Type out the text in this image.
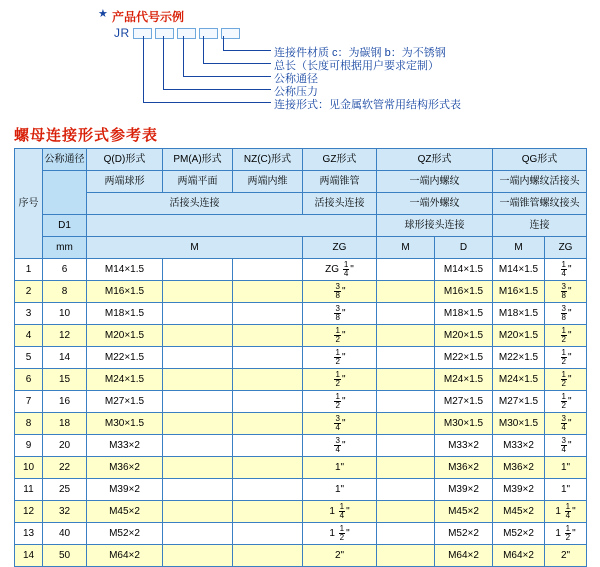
★ 产品代号示例
JR
连接件材质 c：为碳钢 b：为不锈钢
总长（长度可根据用户要求定制）
公称通径
公称压力
连接形式：见金属软管常用结构形式表
螺母连接形式参考表
序号	公称通径	Q(D)形式	PM(A)形式	NZ(C)形式	GZ形式	QZ形式		QG形式	
		两端球形	两端平面	两端内维	两端锥管	一端内螺纹		一端内螺纹活接头	
		活接头连接			活接头连接	一端外螺纹		一端锥管螺纹接头	
	D1					球形接头连接		连接	
	mm	M			ZG	M	D	M	ZG
1	6	M14×1.5			ZG $\frac{1}{4}$ "		M14×1.5	M14×1.5	$\frac{1}{4}$ "
2	8	M16×1.5			$\frac{3}{8}$ "		M16×1.5	M16×1.5	$\frac{3}{8}$ "
3	10	M18×1.5			$\frac{3}{8}$ "		M18×1.5	M18×1.5	$\frac{3}{8}$ "
4	12	M20×1.5			$\frac{1}{2}$ "		M20×1.5	M20×1.5	$\frac{1}{2}$ "
5	14	M22×1.5			$\frac{1}{2}$ "		M22×1.5	M22×1.5	$\frac{1}{2}$ "
6	15	M24×1.5			$\frac{1}{2}$ "		M24×1.5	M24×1.5	$\frac{1}{2}$ "
7	16	M27×1.5			$\frac{1}{2}$ "		M27×1.5	M27×1.5	$\frac{1}{2}$ "
8	18	M30×1.5			$\frac{3}{4}$ "		M30×1.5	M30×1.5	$\frac{3}{4}$ "
9	20	M33×2			$\frac{3}{4}$ "		M33×2	M33×2	$\frac{3}{4}$ "
10	22	M36×2			1"		M36×2	M36×2	1"
11	25	M39×2			1"		M39×2	M39×2	1"
12	32	M45×2			$1 \frac{1}{4}$ "		M45×2	M45×2	$1 \frac{1}{4}$ "
13	40	M52×2			$1 \frac{1}{2}$ "		M52×2	M52×2	$1 \frac{1}{2}$ "
14	50	M64×2			2"		M64×2	M64×2	2"
